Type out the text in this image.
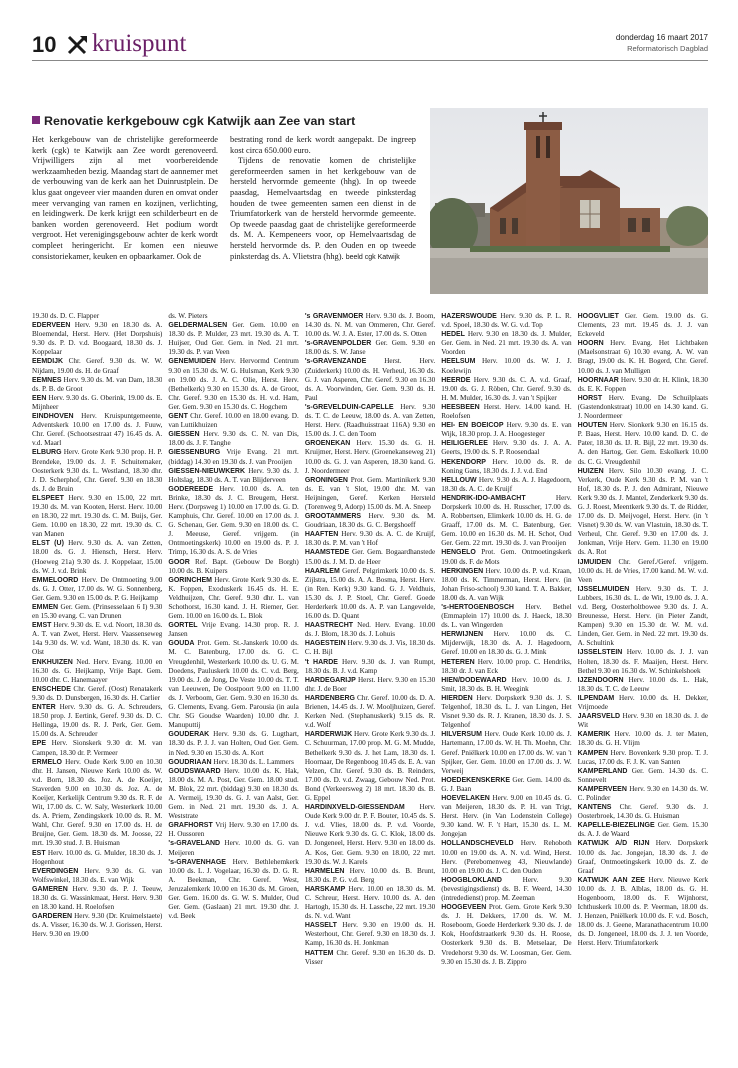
10 kruispunt	donderdag 16 maart 2017
Reformatorisch Dagblad
Renovatie kerkgebouw cgk Katwijk aan Zee van start

Het kerkgebouw van de christelijke gereformeerde kerk (cgk) te Katwijk aan Zee wordt gerenoveerd. Vrijwilligers zijn al met voorbereidende werkzaamheden bezig. Maandag start de aannemer met de verbouwing van de kerk aan het Duinrustplein. De klus gaat ongeveer vier maanden duren en omvat onder meer vervanging van ramen en kozijnen, verlichting, en leidingwerk. De kerk krijgt een schilderbeurt en de banken worden gerenoveerd. Het podium wordt vergroot. Het verenigingsgebouw achter de kerk wordt compleet heringericht. Er komen een nieuwe consistoriekamer, keuken en opbaarkamer. Ook de

bestrating rond de kerk wordt aangepakt. De ingreep kost circa 650.000 euro.

Tijdens de renovatie komen de christelijke gereformeerden samen in het kerkgebouw van de hersteld hervormde gemeente (hhg). In op tweede paasdag, Hemelvaartsdag en tweede pinksterdag houden de twee gemeenten samen een dienst in de Triumfatorkerk van de hersteld hervormde gemeente. Op tweede paasdag gaat de christelijke gereformeerde ds. M. A. Kempeneers voor, op Hemelvaartsdag de hersteld hervormde ds. P. den Ouden en op tweede pinksterdag ds. A. Vlietstra (hhg). beeld cgk Katwijk

19.30 ds. D. C. Flapper

EDERVEEN Herv. 9.30 en 18.30 ds. A. Bloemendal, Herst. Herv. (Het Dorpshuis) 9.30 ds. P. D. v.d. Boogaard, 18.30 ds. J. Koppelaar

EEMDIJK Chr. Geref. 9.30 ds. W. W. Nijdam, 19.00 ds. H. de Graaf

EEMNES Herv. 9.30 ds. M. van Dam, 18.30 ds. P. B. de Groot

EEN Herv. 9.30 ds. G. Oberink, 19.00 ds. E. Mijnheer

EINDHOVEN Herv. Kruispuntgemeente, Adventskerk 10.00 en 17.00 ds. J. Fuuw, Chr. Geref. (Schootsestraat 47) 16.45 ds. A. v.d. Maarl

ELBURG Herv. Grote Kerk 9.30 prop. H. P. Brendeke, 19.00 ds. J. F. Schuitemaker, Oosterkerk 9.30 ds. L. Westland, 18.30 dhr. J. D. Scherphof, Chr. Geref. 9.30 en 18.30 ds. J. de Bruin

ELSPEET Herv. 9.30 en 15.00, 22 mrt. 19.30 ds. M. van Kooten, Herst. Herv. 10.00 en 18.30, 22 mrt. 19.30 ds. C. M. Buijs, Ger. Gem. 10.00 en 18.30, 22 mrt. 19.30 ds. C. van Manen

ELST (U) Herv. 9.30 ds. A. van Zetten, 18.00 ds. G. J. Hiensch, Herst. Herv. (Hoeweg 21a) 9.30 ds. J. Koppelaar, 15.00 ds. W. J. v.d. Brink

EMMELOORD Herv. De Ontmoeting 9.00 ds. G. J. Otter, 17.00 ds. W. G. Sonnenberg, Ger. Gem. 9.30 en 15.00 ds. P. G. Heijkamp

EMMEN Ger. Gem. (Prinsesselaan 6 I) 9.30 en 15.30 evang. C. van Drunen

EMST Herv. 9.30 ds. E. v.d. Noort, 18.30 ds. A. T. van Zwet, Herst. Herv. Vaassenseweg 14a 9.30 ds. W. v.d. Want, 18.30 ds. K. van Olst

ENKHUIZEN Ned. Herv. Evang. 10.00 en 16.30 ds. G. Heijkamp, Vrije Bapt. Gem. 10.00 dhr. C. Hanemaayer

ENSCHEDE Chr. Geref. (Oost) Renatakerk 9.30 ds. D. Dunsbergen, 16.30 ds. H. Carlier

ENTER Herv. 9.30 ds. G. A. Schreuders, 18.50 prop. J. Eertink, Geref. 9.30 ds. D. C. Hellinga, 19.00 ds. R. J. Perk, Ger. Gem. 15.00 ds. A. Schreuder

EPE Herv. Sionskerk 9.30 dr. M. van Campen, 18.30 dr. P. Vermeer

ERMELO Herv. Oude Kerk 9.00 en 10.30 dhr. H. Jansen, Nieuwe Kerk 10.00 ds. W. v.d. Born, 18.30 ds. Joz. A. de Koeijer, Staverden 9.00 en 10.30 ds. Joz. A. de Koeijer, Kerkelijk Centrum 9.30 ds. R. F. de Wit, 17.00 ds. C. W. Saly, Westerkerk 10.00 ds. A. Priem, Zendingskerk 10.00 ds. R. M. Wahl, Chr. Geref. 9.30 en 17.00 ds. H. de Bruijne, Ger. Gem. 18.30 ds. M. Joosse, 22 mrt. 19.30 stud. J. B. Huisman

EST Herv. 10.00 ds. G. Mulder, 18.30 ds. J. Hogenhout

EVERDINGEN Herv. 9.30 ds. G. van Wolfswinkel, 18.30 ds. E. van Wijk

GAMEREN Herv. 9.30 ds. P. J. Teeuw, 18.30 ds. G. Wassinkmaat, Herst. Herv. 9.30 en 18.30 kand. H. Roelofsen

GARDEREN Herv. 9.30 (Dr. Kruimelstaete) ds. A. Visser, 16.30 ds. W. J. Gorissen, Herst. Herv. 9.30 en 19.00

ds. W. Pieters

GELDERMALSEN Ger. Gem. 10.00 en 18.30 ds. P. Mulder, 23 mrt. 19.30 ds. A. T. Huijser, Oud Ger. Gem. in Ned. 21 mrt. 19.30 ds. P. van Veen

GENEMUIDEN Herv. Hervormd Centrum 9.30 en 15.30 ds. W. G. Hulsman, Kerk 9.30 en 19.00 ds. J. A. C. Olie, Herst. Herv. (Bethelkerk) 9.30 en 15.30 ds. A. de Groot, Chr. Geref. 9.30 en 15.30 ds. H. v.d. Ham, Ger. Gem. 9.30 en 15.30 ds. C. Hogchem

GENT Chr. Geref. 10.00 en 18.00 evang. D. van Luttikhuizen

GIESSEN Herv. 9.30 ds. C. N. van Dis, 18.00 ds. J. F. Tanghe

GIESSENBURG Vrije Evang. 21 mrt. (biddag) 14.30 en 19.30 ds. J. van Prooijen

GIESSEN-NIEUWKERK Herv. 9.30 ds. J. Holtslag, 18.30 ds. A. T. van Blijderveen

GODEREEDE Herv. 10.00 ds. A. ten Brinke, 18.30 ds. J. C. Breugem, Herst. Herv. (Dorpsweg 1) 10.00 en 17.00 ds. G. D. Kamphuis, Chr. Geref. 10.00 en 17.00 ds. J. G. Schenau, Ger. Gem. 9.30 en 18.00 ds. C. J. Meeuse, Geref. vrijgem. (in Ontmoetingskerk) 10.00 en 19.00 ds. P. J. Trimp, 16.30 ds. A. S. de Vries

GOOR Ref. Bapt. (Gebouw De Borgh) 10.00 ds. B. Kuipers

GORINCHEM Herv. Grote Kerk 9.30 ds. E. K. Foppen, Exoduskerk 16.45 ds. H. E. Veldhuijzen, Chr. Geref. 9.30 dhr. L. van Schothorst, 16.30 kand. J. H. Riemer, Ger. Gem. 10.00 en 16.00 ds. L. Blok

GORTEL Vrije Evang. 14.30 prop. R. J. Jansen

GOUDA Prot. Gem. St.-Janskerk 10.00 ds. M. C. Batenburg, 17.00 ds. G. C. Vreugdenhil, Westerkerk 10.00 ds. U. G. M. Doedens, Pauluskerk 10.00 ds. C. v.d. Berg, 19.00 ds. J. de Jong, De Veste 10.00 ds. T. T. van Leeuwen, De Oostpoort 9.00 en 11.00 ds. J. Verboom, Ger. Gem. 9.30 en 16.30 ds. G. Clements, Evang. Gem. Parousia (in aula Chr. SG Goudse Waarden) 10.00 dhr. J. Manuputtij

GOUDERAK Herv. 9.30 ds. G. Lugthart, 18.30 ds. P. J. J. van Holten, Oud Ger. Gem. in Ned. 9.30 en 15.30 ds. A. Kort

GOUDRIAAN Herv. 18.30 ds. L. Lammers

GOUDSWAARD Herv. 10.00 ds. K. Hak, 18.00 ds. M. A. Post, Ger. Gem. 18.00 stud. M. Blok, 22 mrt. (biddag) 9.30 en 18.30 ds. A. Vermeij, 19.30 ds. G. J. van Aalst, Ger. Gem. in Ned. 21 mrt. 19.30 ds. J. A. Weststrate

GRAFHORST Vrij Herv. 9.30 en 17.00 ds. H. Oussoren

's-GRAVELAND Herv. 10.00 ds. G. van Meijeren

's-GRAVENHAGE Herv. Bethlehemkerk 10.00 ds. L. J. Vogelaar, 16.30 ds. D. G. R. A. Beekman, Chr. Geref. West, Jeruzalemkerk 10.00 en 16.30 ds. M. Groen, Ger. Gem. 16.00 ds. G. W. S. Mulder, Oud Ger. Gem. (Gaslaan) 21 mrt. 19.30 dhr. J. v.d. Beek

's GRAVENMOER Herv. 9.30 ds. J. Boom, 14.30 ds. N. M. van Ommeren, Chr. Geref. 10.00 ds. W. J. A. Ester, 17.00 ds. S. Otten

's-GRAVENPOLDER Ger. Gem. 9.30 en 18.00 ds. S. W. Janse

's-GRAVENZANDE Herst. Herv. (Zuiderkerk) 10.00 ds. H. Verheul, 16.30 ds. G. J. van Asperen, Chr. Geref. 9.30 en 16.30 ds. A. Voorwinden, Ger. Gem. 9.30 ds. H. Paul

's-GREVELDUIN-CAPELLE Herv. 9.30 ds. T. C. de Leeuw, 18.00 ds. A. van Zetten, Herst. Herv. (Raadhuisstraat 116A) 9.30 en 15.00 ds. J. C. den Toom

GROENEKAN Herv. 15.30 ds. G. H. Kruijmer, Herst. Herv. (Groenekanseweg 21) 10.00 ds. G. J. van Asperen, 18.30 kand. G. J. Noordermeer

GRONINGEN Prot. Gem. Martinikerk 9.30 ds. E. van 't Slot, 19.00 dhr. M. van Heijningen, Geref. Kerken Hersteld (Torenweg 9, Adorp) 15.00 ds. M. A. Sneep

GROOTAMMERS Herv. 9.30 ds. M. Goudriaan, 18.30 ds. G. C. Bergshoeff

HAAFTEN Herv. 9.30 ds. A. C. de Kruijf, 18.30 ds. P. M. van 't Hof

HAAMSTEDE Ger. Gem. Bogaardhanstede 15.00 ds. J. M. D. de Heer

HAARLEM Geref. Pelgrimkerk 10.00 ds. S. Zijlstra, 15.00 ds. A. A. Bosma, Herst. Herv. (in Ren. Kerk) 9.30 kand. G. J. Veldhuis, 15.30 ds. J. P. Stoel, Chr. Geref. Goede Herderkerk 10.00 ds. A. P. van Langevelde, 16.00 ds. D. Quant

HAASTRECHT Ned. Herv. Evang. 10.00 ds. J. Blom, 18.30 ds. J. Lohuis

HAGESTEIN Herv. 9.30 ds. J. Vis, 18.30 ds. C. H. Bijl

't HARDE Herv. 9.30 ds. J. van Rumpt, 18.30 ds. B. J. v.d. Kamp

HARDEGARIJP Herst. Herv. 9.30 en 15.30 dhr. J. de Boer

HARDENBERG Chr. Geref. 10.00 ds. D. A. Brienen, 14.45 ds. J. W. Mooljhuizen, Geref. Kerken Ned. (Stephanuskerk) 9.15 ds. R. v.d. Wolf

HARDERWIJK Herv. Grote Kerk 9.30 ds. J. C. Schuurman, 17.00 prop. M. G. M. Mudde, Bethelkerk 9.30 ds. J. het Lam, 18.30 ds. I. Hoornaar, De Regenboog 10.45 ds. E. A. van Velzen, Chr. Geref. 9.30 ds. B. Reinders, 17.00 ds. D. v.d. Zwaag, Gebouw Ned. Prot. Bond (Verkeersweg 2) 18 mrt. 18.30 ds. B. G. Eppel

HARDINXVELD-GIESSENDAM Herv. Oude Kerk 9.00 dr. P. F. Bouter, 10.45 ds. S. J. v.d. Vlies, 18.00 ds. P. v.d. Voorde, Nieuwe Kerk 9.30 ds. G. C. Klok, 18.00 ds. D. Jongeneel, Herst. Herv. 9.30 en 18.00 ds. A. Kos, Ger. Gem. 9.30 en 18.00, 22 mrt. 19.30 ds. W. J. Karels

HARMELEN Herv. 10.00 ds. B. Brunt, 18.30 ds. P. G. v.d. Berg

HARSKAMP Herv. 10.00 en 18.30 ds. M. C. Schreur, Herst. Herv. 10.00 ds. A. den Hartogh, 15.30 ds. H. Lassche, 22 mrt. 19.30 ds. N. v.d. Want

HASSELT Herv. 9.30 en 19.00 ds. H. Westerhout, Chr. Geref. 9.30 en 18.30 ds. J. Kamp, 16.30 ds. H. Jonkman

HATTEM Chr. Geref. 9.30 en 16.30 ds. D. Visser

HAZERSWOUDE Herv. 9.30 ds. P. L. R. v.d. Spoel, 18.30 ds. W. G. v.d. Top

HEDEL Herv. 9.30 en 18.30 ds. J. Mulder, Ger. Gem. in Ned. 21 mrt. 19.30 ds. A. van Voorden

HEELSUM Herv. 10.00 ds. W. J. J. Koelewijn

HEERDE Herv. 9.30 ds. C. A. v.d. Graaf, 19.00 ds. G. J. Röben, Chr. Geref. 9.30 ds. H. M. Mulder, 16.30 ds. J. van 't Spijker

HEESBEEN Herst. Herv. 14.00 kand. H. Roelofsen

HEI- EN BOEICOP Herv. 9.30 ds. E. van Wijk, 18.30 prop. J. A. Hoogesteger

HEILIGERLEE Herv. 9.30 ds. J. A. A. Geerts, 19.00 ds. S. P. Roosendaal

HEKENDORP Herv. 10.00 ds. R. de Koning Gans, 18.30 ds. J. J. v.d. End

HELLOUW Herv. 9.30 ds. A. J. Hagedoorn, 18.30 ds. A. C. de Kruijf

HENDRIK-IDO-AMBACHT	Herv. Dorpskerk 10.00 ds. H. Russcher, 17.00 ds. A. Robbertsen, Elimkerk 10.00 ds. H. G. de Graaff, 17.00 ds. M. C. Batenburg, Ger. Gem. 10.00 en 16.30 ds. M. H. Schot, Oud Ger. Gem. 22 mrt. 19.30 ds. J. van Prooijen

HENGELO Prot. Gem. Ontmoetingskerk 19.00 ds. F. de Mots

HERKINGEN Herv. 10.00 ds. P. v.d. Kraan, 18.00 ds. K. Timmerman, Herst. Herv. (in Johan Friso-school) 9.30 kand. T. A. Bakker, 18.00 ds. A. van Wijk

's-HERTOGENBOSCH Herv. Bethel (Emmaplein 17) 10.00 ds. J. Haeck, 18.30 ds. L. van Wingerden

HERWIJNEN Herv. 10.00 ds. C. Mijderwijk, 18.30 ds. A. J. Hagedoorn, Geref. 10.00 en 18.30 ds. G. J. Mink

HETEREN Herv. 10.00 prop. C. Hendriks, 18.30 dr. J. van Eck

HIEN/DODEWAARD Herv. 10.00 ds. J. Smit, 18.30 ds. B. H. Weegink

HIERDEN Herv. Dorpskerk 9.30 ds. J. S. Telgenhof, 18.30 ds. L. J. van Lingen, Het Visnet 9.30 ds. R. J. Kranen, 18.30 ds. J. S. Telgenhof

HILVERSUM Herv. Oude Kerk 10.00 ds. J. Hartemann, 17.00 ds. W. H. Th. Moehn, Chr. Geref. Pniëlkerk 10.00 en 17.00 ds. W. van 't Spijker, Ger. Gem. 10.00 en 17.00 ds. J. W. Verweij

HOEDEKENSKERKE Ger. Gem. 14.00 ds. G. J. Baan

HOEVELAKEN Herv. 9.00 en 10.45 ds. G. van Meijeren, 18.30 ds. P. H. van Trigt, Herst. Herv. (in Van Lodenstein College) 9.30 kand. W. F. 't Hart, 15.30 ds. L. M. Jongejan

HOLLANDSCHEVELD Herv. Rehoboth 10.00 en 19.00 ds. A. N. v.d. Wind, Herst. Herv. (Perebomenweg 43, Nieuwlande) 10.00 en 19.00 ds. J. C. den Ouden

HOOGBLOKLAND	Herv. 9.30 (bevestigingsdienst) ds. B. F. Weerd, 14.30 (intrededienst) prop. M. Zeeman

HOOGEVEEN Prot. Gem. Grote Kerk 9.30 ds. J. H. Dekkers, 17.00 ds. W. M. Roseboom, Goede Herderkerk 9.30 ds. J. de Kok, Hoofdstraatkerk 9.30 ds. H. Roose, Oosterkerk 9.30 ds. B. Metselaar, De Vredehorst 9.30 ds. W. Loosman, Ger. Gem. 9.30 en 15.30 ds. J. B. Zippro

HOOGVLIET Ger. Gem. 19.00 ds. G. Clements, 23 mrt. 19.45 ds. J. J. van Eckeveld

HOORN Herv. Evang. Het Lichtbaken (Maelsonstraat 6) 10.30 evang. A. W. van Bragt, 19.00 ds. K. H. Bogerd, Chr. Geref. 10.00 ds. J. van Mulligen

HOORNAAR Herv. 9.30 dr. H. Klink, 18.30 ds. E. K. Foppen

HORST Herv. Evang. De Schuilplaats (Gastendonkstraat) 10.00 en 14.30 kand. G. J. Noordermeer

HOUTEN Herv. Sionkerk 9.30 en 16.15 ds. P. Baas, Herst. Herv. 10.00 kand. D. C. de Pater, 18.30 ds. IJ. R. Bijl, 22 mrt. 19.30 ds. A. den Hartog, Ger. Gem. Eskolkerk 10.00 ds. C. G. Vreugdenhil

HUIZEN Herv. Silo 10.30 evang. J. C. Verkerk, Oude Kerk 9.30 ds. P. M. van 't Hof, 18.30 ds. P. J. den Admirant, Nieuwe Kerk 9.30 ds. J. Mantel, Zenderkerk 9.30 ds. G. J. Roest, Meentkerk 9.30 ds. T. de Ridder, 17.00 ds. D. Meijvogel, Herst. Herv. (in 't Visnet) 9.30 ds. W. van Vlastuin, 18.30 ds. T. Verheul, Chr. Geref. 9.30 en 17.00 ds. J. Jonkman, Vrije Herv. Gem. 11.30 en 19.00 ds. A. Rot

IJMUIDEN Chr. Geref./Geref. vrijgem. 10.00 ds. H. de Vries, 17.00 kand. M. W. v.d. Veen

IJSSELMUIDEN Herv. 9.30 ds. T. J. Lubbers, 16.30 ds. L. de Wit, 19.00 ds. J. A. v.d. Berg, Oosterholtbowee 9.30 ds. J. A. Breunesse, Herst. Herv. (in Pieter Zandt, Kampen) 9.30 en 15.30 dr. W. M. v.d. Linden, Ger. Gem. in Ned. 22 mrt. 19.30 ds. A. Schultink

IJSSELSTEIN Herv. 10.00 ds. J. J. van Holten, 18.30 ds. F. Maaijen, Herst. Herv. Bethel 9.30 en 16.30 ds. W. Schinkelshoek

IJZENDOORN Herv. 10.00 ds. L. Hak, 18.30 ds. T. C. de Leeuw

ILPENDAM Herv. 10.00 ds. H. Dekker, Vrijmoede

JAARSVELD Herv. 9.30 en 18.30 ds. J. de Wit

KAMERIK Herv. 10.00 ds. J. ter Maten, 18.30 ds. G. H. Vlijm

KAMPEN Herv. Bovenkerk 9.30 prop. T. J. Lucas, 17.00 ds. F. J. K. van Santen

KAMPERLAND Ger. Gem. 14.30 ds. C. Sonnevelt

KAMPERVEEN Herv. 9.30 en 14.30 ds. W. C. Polinder

KANTENS Chr. Geref. 9.30 ds. J. Oosterbroek, 14.30 ds. G. Huisman

KAPELLE-BIEZELINGE Ger. Gem. 15.30 ds. A. J. de Waard

KATWIJK A/D RIJN Herv. Dorpskerk 10.00 ds. Jac. Jongejan, 18.30 ds. J. de Graaf, Ontmoetingskerk 10.00 ds. Z. de Graaf

KATWIJK AAN ZEE Herv. Nieuwe Kerk 10.00 ds. J. B. Alblas, 18.00 ds. G. H. Hogenboom, 18.00 ds. F. Wijnhorst, Ichthuskerk 10.00 ds. P. Veerman, 18.00 ds. J. Henzen, Pniëlkerk 10.00 ds. F. v.d. Bosch, 18.00 ds. J. Geene, Maranathacentrum 10.00 ds. D. Jongeneel, 18.00 ds. J. J. ten Voorde, Herst. Herv. Triumfatorkerk
